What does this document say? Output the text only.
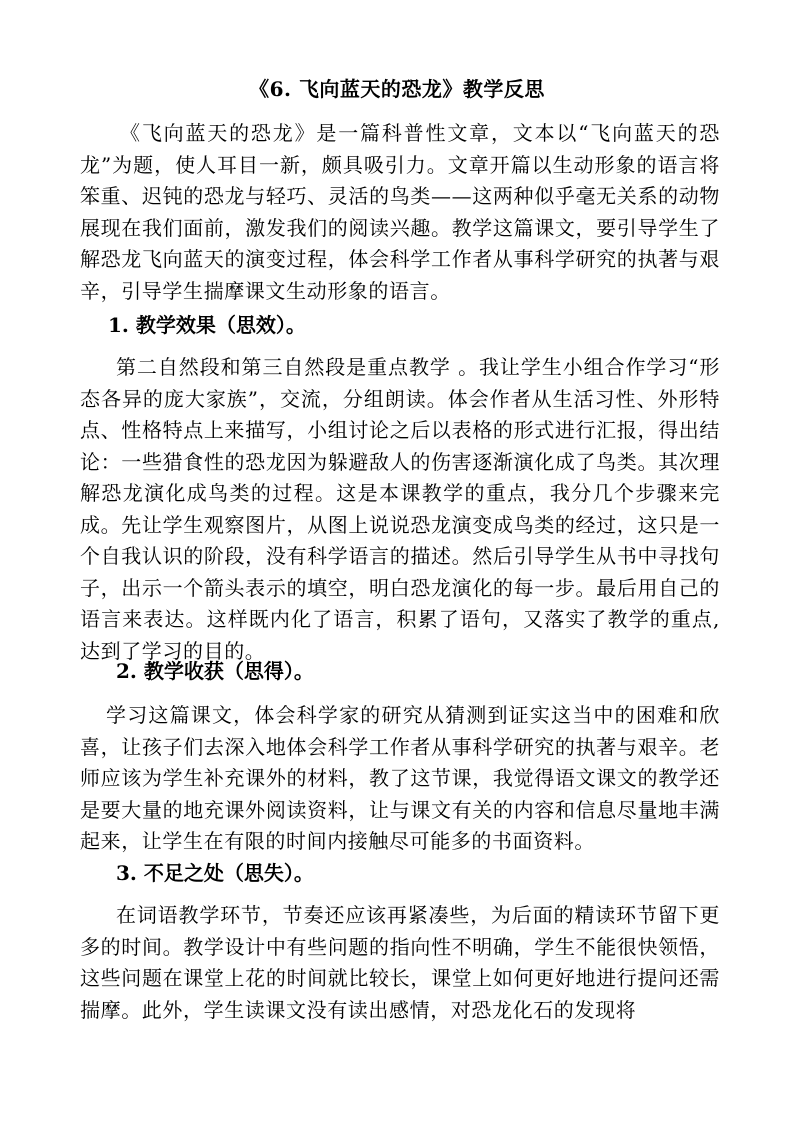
《6. 飞向蓝天的恐龙》教学反思

《飞向蓝天的恐龙》是一篇科普性文章，文本以“飞向蓝天的恐龙”为题，使人耳目一新，颇具吸引力。文章开篇以生动形象的语言将笨重、迟钝的恐龙与轻巧、灵活的鸟类——这两种似乎毫无关系的动物展现在我们面前，激发我们的阅读兴趣。教学这篇课文，要引导学生了解恐龙飞向蓝天的演变过程，体会科学工作者从事科学研究的执著与艰辛，引导学生揣摩课文生动形象的语言。

1. 教学效果（思效）。

第二自然段和第三自然段是重点教学 。我让学生小组合作学习“形态各异的庞大家族”，交流，分组朗读。体会作者从生活习性、外形特点、性格特点上来描写，小组讨论之后以表格的形式进行汇报，得出结论：一些猎食性的恐龙因为躲避敌人的伤害逐渐演化成了鸟类。其次理解恐龙演化成鸟类的过程。这是本课教学的重点，我分几个步骤来完成。先让学生观察图片，从图上说说恐龙演变成鸟类的经过，这只是一个自我认识的阶段，没有科学语言的描述。然后引导学生从书中寻找句子，出示一个箭头表示的填空，明白恐龙演化的每一步。最后用自己的语言来表达。这样既内化了语言，积累了语句，又落实了教学的重点,达到了学习的目的。

2. 教学收获（思得）。

学习这篇课文，体会科学家的研究从猜测到证实这当中的困难和欣喜，让孩子们去深入地体会科学工作者从事科学研究的执著与艰辛。老师应该为学生补充课外的材料，教了这节课，我觉得语文课文的教学还是要大量的地充课外阅读资料，让与课文有关的内容和信息尽量地丰满起来，让学生在有限的时间内接触尽可能多的书面资料。

3. 不足之处（思失）。

在词语教学环节，节奏还应该再紧凑些，为后面的精读环节留下更多的时间。教学设计中有些问题的指向性不明确，学生不能很快领悟，这些问题在课堂上花的时间就比较长，课堂上如何更好地进行提问还需揣摩。此外，学生读课文没有读出感情，对恐龙化石的发现将
